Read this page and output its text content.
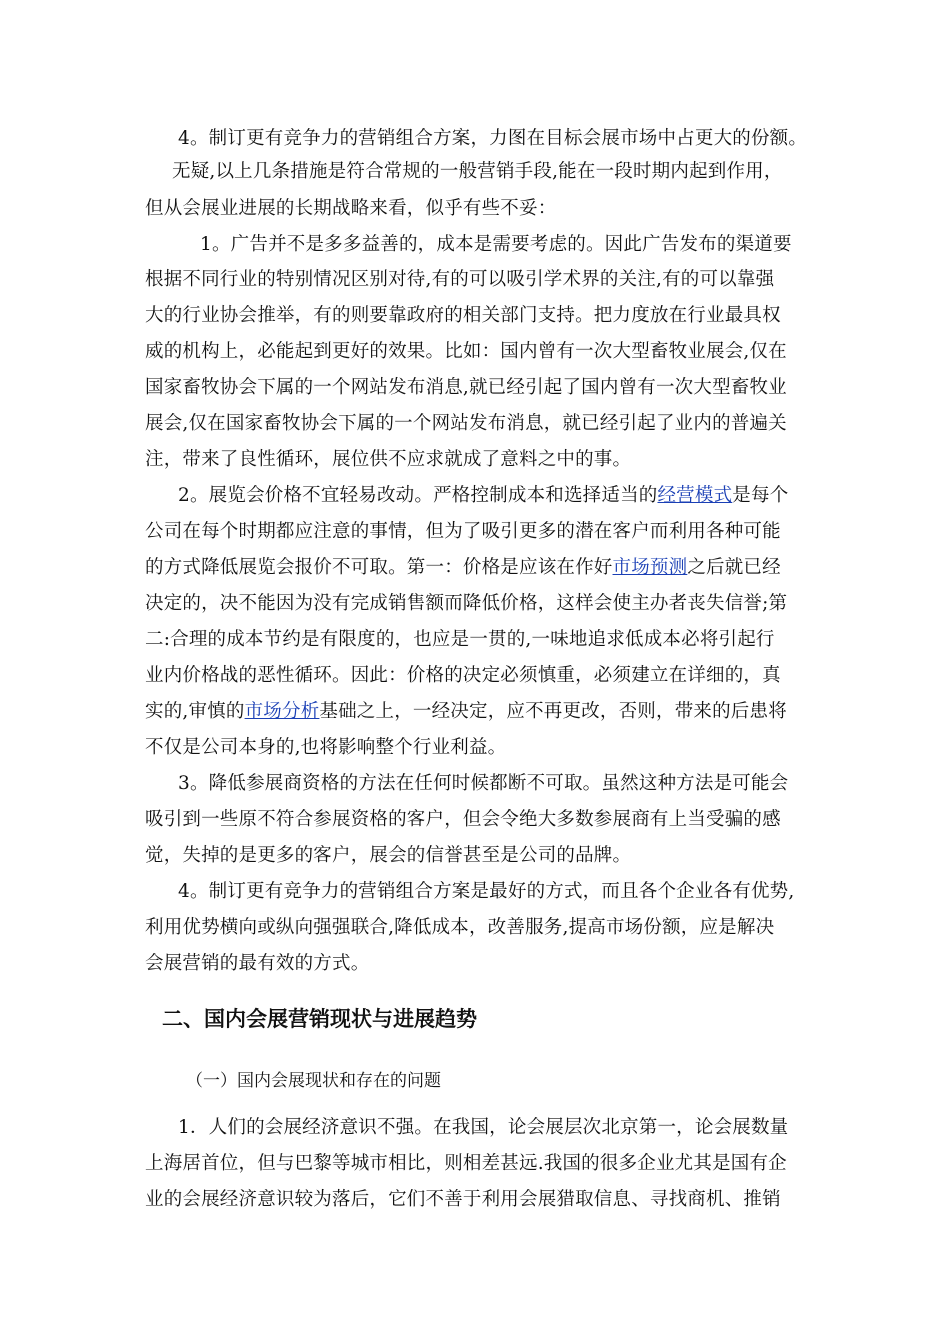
4。制订更有竞争力的营销组合方案，力图在目标会展市场中占更大的份额。
无疑,以上几条措施是符合常规的一般营销手段,能在一段时期内起到作用，
但从会展业进展的长期战略来看，似乎有些不妥：
1。广告并不是多多益善的，成本是需要考虑的。因此广告发布的渠道要
根据不同行业的特别情况区别对待,有的可以吸引学术界的关注,有的可以靠强
大的行业协会推举，有的则要靠政府的相关部门支持。把力度放在行业最具权
威的机构上，必能起到更好的效果。比如：国内曾有一次大型畜牧业展会,仅在
国家畜牧协会下属的一个网站发布消息,就已经引起了国内曾有一次大型畜牧业
展会,仅在国家畜牧协会下属的一个网站发布消息，就已经引起了业内的普遍关
注，带来了良性循环，展位供不应求就成了意料之中的事。
2。展览会价格不宜轻易改动。严格控制成本和选择适当的经营模式是每个
公司在每个时期都应注意的事情，但为了吸引更多的潜在客户而利用各种可能
的方式降低展览会报价不可取。第一：价格是应该在作好市场预测之后就已经
决定的，决不能因为没有完成销售额而降低价格，这样会使主办者丧失信誉;第
二:合理的成本节约是有限度的，也应是一贯的,一味地追求低成本必将引起行
业内价格战的恶性循环。因此：价格的决定必须慎重，必须建立在详细的，真
实的,审慎的市场分析基础之上，一经决定，应不再更改，否则，带来的后患将
不仅是公司本身的,也将影响整个行业利益。
3。降低参展商资格的方法在任何时候都断不可取。虽然这种方法是可能会
吸引到一些原不符合参展资格的客户，但会令绝大多数参展商有上当受骗的感
觉，失掉的是更多的客户，展会的信誉甚至是公司的品牌。
4。制订更有竞争力的营销组合方案是最好的方式，而且各个企业各有优势,
利用优势横向或纵向强强联合,降低成本，改善服务,提高市场份额，应是解决
会展营销的最有效的方式。
二、国内会展营销现状与进展趋势
（一）国内会展现状和存在的问题
1．人们的会展经济意识不强。在我国，论会展层次北京第一，论会展数量
上海居首位，但与巴黎等城市相比，则相差甚远.我国的很多企业尤其是国有企
业的会展经济意识较为落后，它们不善于利用会展猎取信息、寻找商机、推销
